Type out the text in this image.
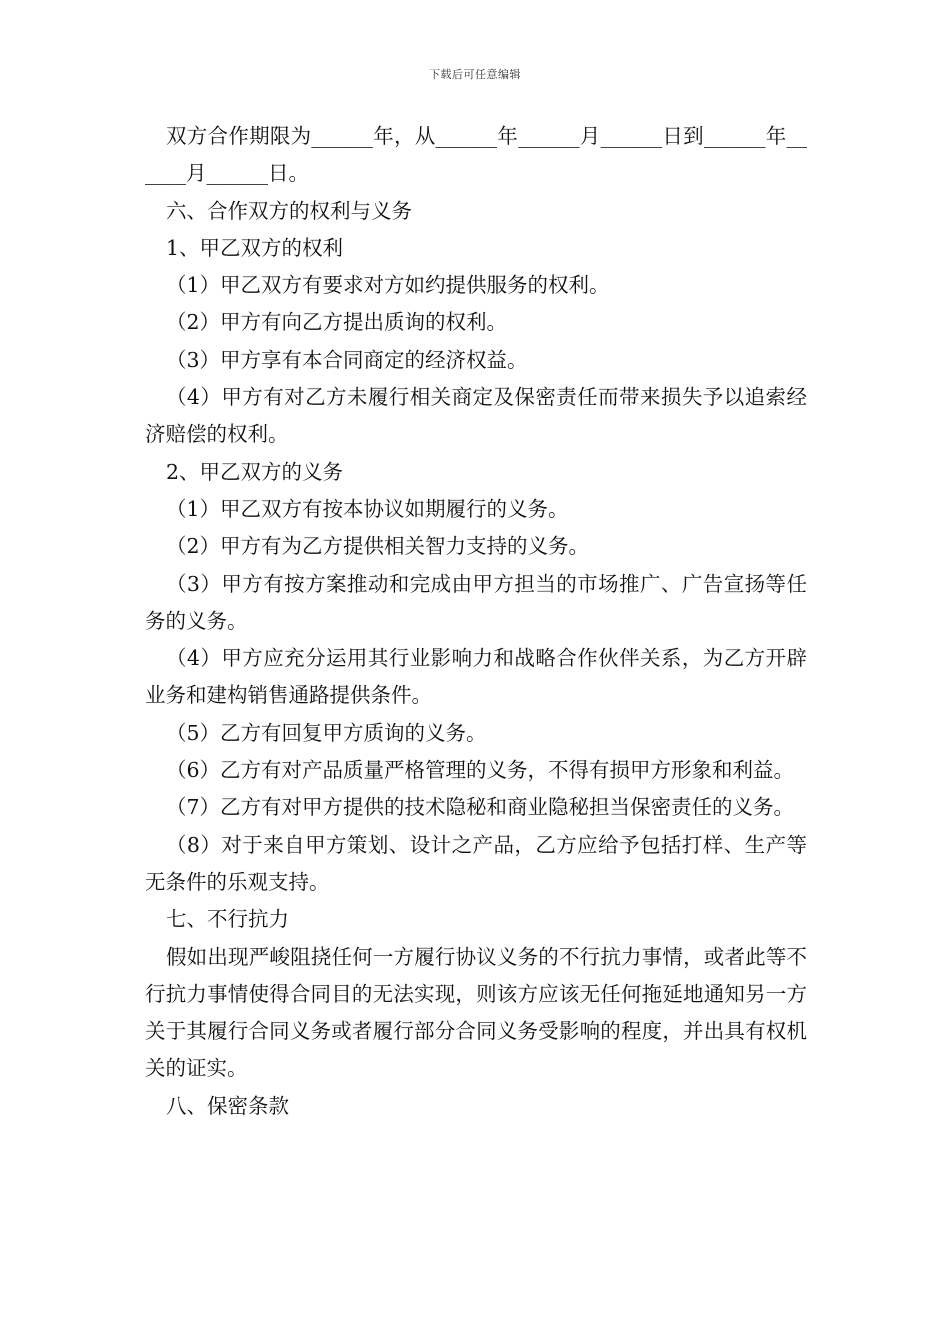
下载后可任意编辑

双方合作期限为______年，从______年______月______日到______年______月______日。

六、合作双方的权利与义务

1、甲乙双方的权利

（1）甲乙双方有要求对方如约提供服务的权利。

（2）甲方有向乙方提出质询的权利。

（3）甲方享有本合同商定的经济权益。

（4）甲方有对乙方未履行相关商定及保密责任而带来损失予以追索经济赔偿的权利。

2、甲乙双方的义务

（1）甲乙双方有按本协议如期履行的义务。

（2）甲方有为乙方提供相关智力支持的义务。

（3）甲方有按方案推动和完成由甲方担当的市场推广、广告宣扬等任务的义务。

（4）甲方应充分运用其行业影响力和战略合作伙伴关系，为乙方开辟业务和建构销售通路提供条件。

（5）乙方有回复甲方质询的义务。

（6）乙方有对产品质量严格管理的义务，不得有损甲方形象和利益。

（7）乙方有对甲方提供的技术隐秘和商业隐秘担当保密责任的义务。

（8）对于来自甲方策划、设计之产品，乙方应给予包括打样、生产等无条件的乐观支持。

七、不行抗力

假如出现严峻阻挠任何一方履行协议义务的不行抗力事情，或者此等不行抗力事情使得合同目的无法实现，则该方应该无任何拖延地通知另一方关于其履行合同义务或者履行部分合同义务受影响的程度，并出具有权机关的证实。

八、保密条款
